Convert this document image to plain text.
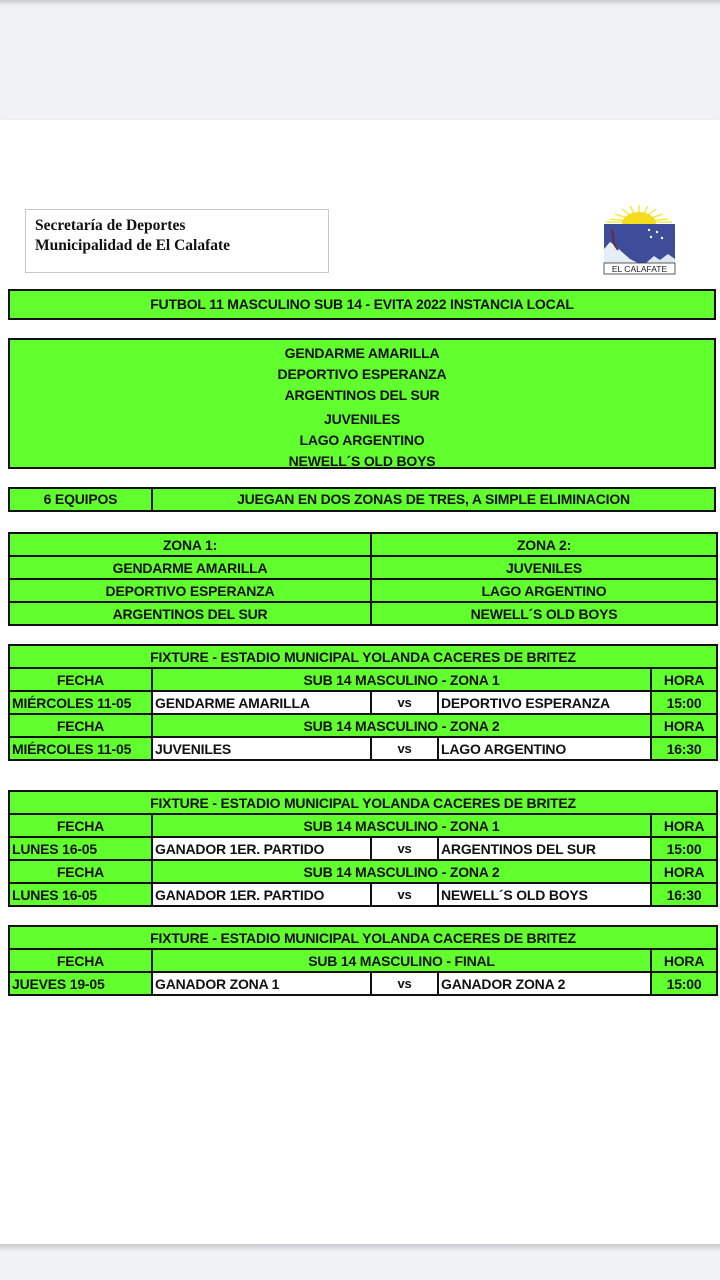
Secretaría de Deportes
Municipalidad de El Calafate
EL CALAFATE
FUTBOL 11 MASCULINO SUB 14 - EVITA 2022 INSTANCIA LOCAL
GENDARME AMARILLA
DEPORTIVO ESPERANZA
ARGENTINOS DEL SUR
JUVENILES
LAGO ARGENTINO
NEWELL´S OLD BOYS
6 EQUIPOS	JUEGAN EN DOS ZONAS DE TRES, A SIMPLE ELIMINACION
ZONA 1:	ZONA 2:
GENDARME AMARILLA	JUVENILES
DEPORTIVO ESPERANZA	LAGO ARGENTINO
ARGENTINOS DEL SUR	NEWELL´S OLD BOYS
FIXTURE - ESTADIO MUNICIPAL YOLANDA CACERES DE BRITEZ				
FECHA	SUB 14 MASCULINO - ZONA 1			HORA
MIÉRCOLES 11-05	GENDARME AMARILLA	vs	DEPORTIVO ESPERANZA	15:00
FECHA	SUB 14 MASCULINO - ZONA 2			HORA
MIÉRCOLES 11-05	JUVENILES	vs	LAGO ARGENTINO	16:30
FIXTURE - ESTADIO MUNICIPAL YOLANDA CACERES DE BRITEZ				
FECHA	SUB 14 MASCULINO - ZONA 1			HORA
LUNES 16-05	GANADOR 1ER. PARTIDO	vs	ARGENTINOS DEL SUR	15:00
FECHA	SUB 14 MASCULINO - ZONA 2			HORA
LUNES 16-05	GANADOR 1ER. PARTIDO	vs	NEWELL´S OLD BOYS	16:30
FIXTURE - ESTADIO MUNICIPAL YOLANDA CACERES DE BRITEZ				
FECHA	SUB 14 MASCULINO - FINAL			HORA
JUEVES 19-05	GANADOR ZONA 1	vs	GANADOR ZONA 2	15:00
